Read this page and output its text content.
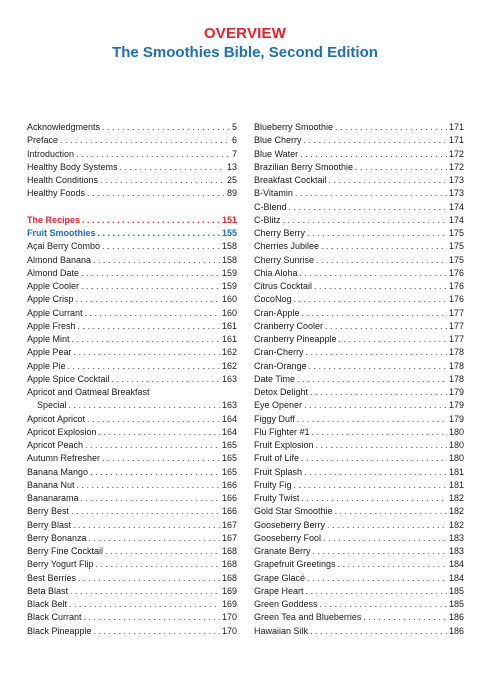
OVERVIEW
The Smoothies Bible, Second Edition
Acknowledgments . . .	5
Preface . . .	6
Introduction . . .	7
Healthy Body Systems . . .	13
Health Conditions . . .	25
Healthy Foods . . .	89
The Recipes . . .	151
Fruit Smoothies . . .	155
Açai Berry Combo . . .	158
Almond Banana . . .	158
Almond Date . . .	159
Apple Cooler . . .	159
Apple Crisp . . .	160
Apple Currant . . .	160
Apple Fresh . . .	161
Apple Mint . . .	161
Apple Pear . . .	162
Apple Pie . . .	162
Apple Spice Cocktail . . .	163
Apricot and Oatmeal Breakfast
Special . . .	163
Apricot Apricot . . .	164
Apricot Explosion . . .	164
Apricot Peach . . .	165
Autumn Refresher . . .	165
Banana Mango . . .	165
Banana Nut . . .	166
Bananarama . . .	166
Berry Best . . .	166
Berry Blast . . .	167
Berry Bonanza . . .	167
Berry Fine Cocktail . . .	168
Berry Yogurt Flip . . .	168
Best Berries . . .	168
Beta Blast . . .	169
Black Belt . . .	169
Black Currant . . .	170
Black Pineapple . . .	170
Blueberry Smoothie . . .	171
Blue Cherry . . .	171
Blue Water . . .	172
Brazilian Berry Smoothie . . .	172
Breakfast Cocktail . . .	173
B-Vitamin . . .	173
C-Blend . . .	174
C-Blitz . . .	174
Cherry Berry . . .	175
Cherries Jubilee . . .	175
Cherry Sunrise . . .	175
Chia Aloha . . .	176
Citrus Cocktail . . .	176
CocoNog . . .	176
Cran-Apple . . .	177
Cranberry Cooler . . .	177
Cranberry Pineapple . . .	177
Cran-Cherry . . .	178
Cran-Orange . . .	178
Date Time . . .	178
Detox Delight . . .	179
Eye Opener . . .	179
Figgy Duff . . .	179
Flu Fighter #1 . . .	180
Fruit Explosion . . .	180
Fruit of Life . . .	180
Fruit Splash . . .	181
Fruity Fig . . .	181
Fruity Twist . . .	182
Gold Star Smoothie . . .	182
Gooseberry Berry . . .	182
Gooseberry Fool . . .	183
Granate Berry . . .	183
Grapefruit Greetings . . .	184
Grape Glacé . . .	184
Grape Heart . . .	185
Green Goddess . . .	185
Green Tea and Blueberries . . .	186
Hawaiian Silk . . .	186
